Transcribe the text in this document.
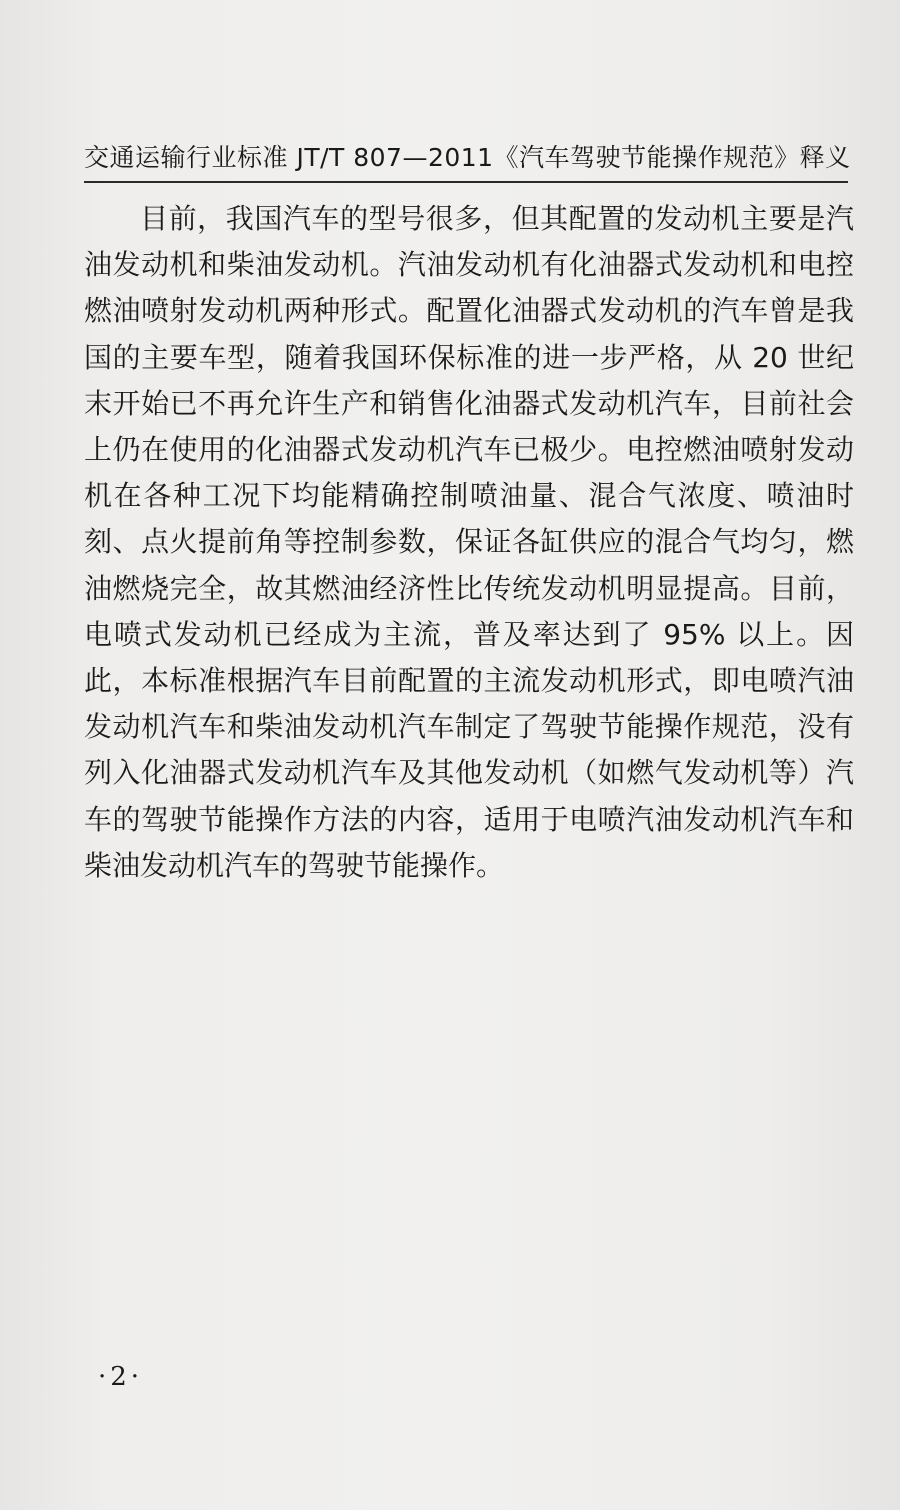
交通运输行业标准 JT/T 807—2011《汽车驾驶节能操作规范》释义

目前，我国汽车的型号很多，但其配置的发动机主要是汽油发动机和柴油发动机。汽油发动机有化油器式发动机和电控燃油喷射发动机两种形式。配置化油器式发动机的汽车曾是我国的主要车型，随着我国环保标准的进一步严格，从 20 世纪末开始已不再允许生产和销售化油器式发动机汽车，目前社会上仍在使用的化油器式发动机汽车已极少。电控燃油喷射发动机在各种工况下均能精确控制喷油量、混合气浓度、喷油时刻、点火提前角等控制参数，保证各缸供应的混合气均匀，燃油燃烧完全，故其燃油经济性比传统发动机明显提高。目前，电喷式发动机已经成为主流，普及率达到了 95% 以上。因此，本标准根据汽车目前配置的主流发动机形式，即电喷汽油发动机汽车和柴油发动机汽车制定了驾驶节能操作规范，没有列入化油器式发动机汽车及其他发动机（如燃气发动机等）汽车的驾驶节能操作方法的内容，适用于电喷汽油发动机汽车和柴油发动机汽车的驾驶节能操作。

·2·
